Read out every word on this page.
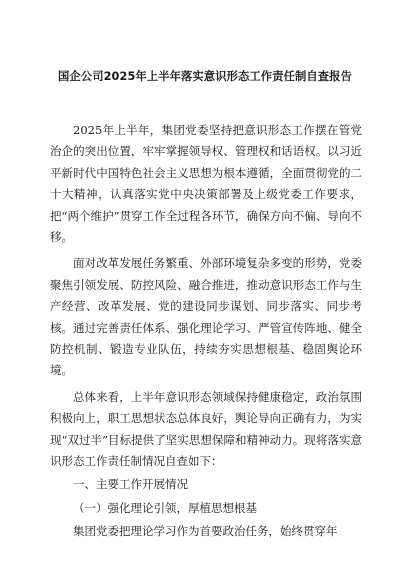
国企公司2025年上半年落实意识形态工作责任制自查报告

2025年上半年，集团党委坚持把意识形态工作摆在管党治企的突出位置，牢牢掌握领导权、管理权和话语权。以习近平新时代中国特色社会主义思想为根本遵循，全面贯彻党的二十大精神，认真落实党中央决策部署及上级党委工作要求，把“两个维护”贯穿工作全过程各环节，确保方向不偏、导向不移。

面对改革发展任务繁重、外部环境复杂多变的形势，党委聚焦引领发展、防控风险、融合推进，推动意识形态工作与生产经营、改革发展、党的建设同步谋划、同步落实、同步考核。通过完善责任体系、强化理论学习、严管宣传阵地、健全防控机制、锻造专业队伍，持续夯实思想根基、稳固舆论环境。

总体来看，上半年意识形态领域保持健康稳定，政治氛围积极向上，职工思想状态总体良好，舆论导向正确有力，为实现“双过半”目标提供了坚实思想保障和精神动力。现将落实意识形态工作责任制情况自查如下：

一、主要工作开展情况

（一）强化理论引领，厚植思想根基

集团党委把理论学习作为首要政治任务，始终贯穿年
